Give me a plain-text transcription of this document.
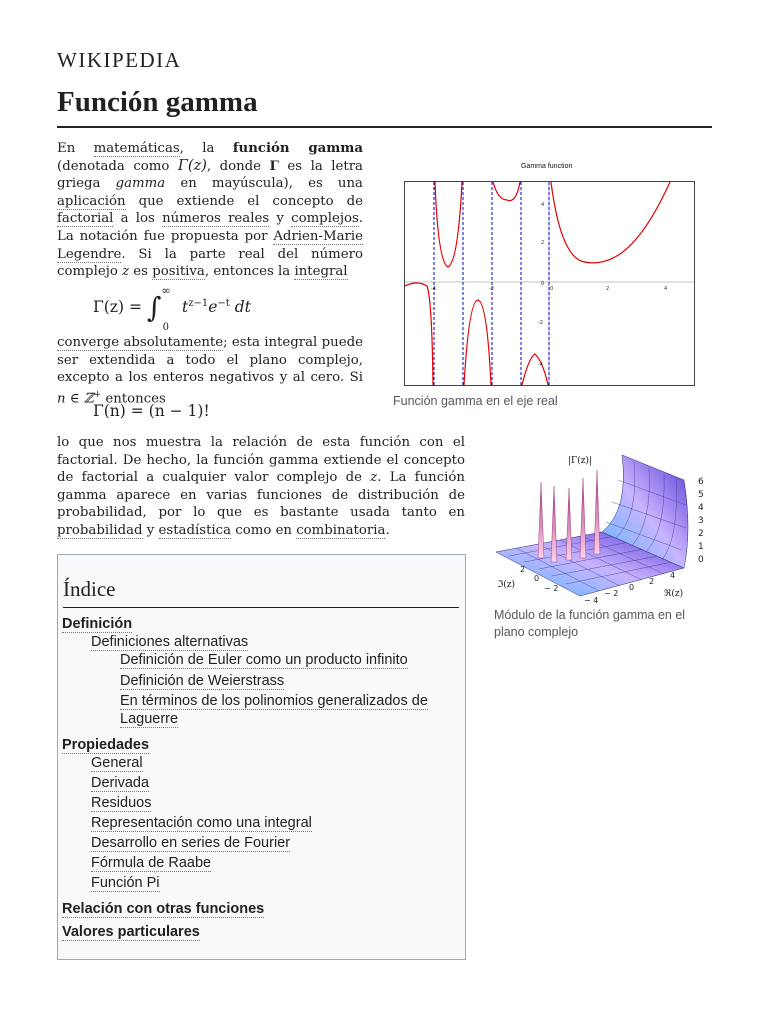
WIKIPEDIA
Función gamma

En matemáticas, la función gamma (denotada como Γ(z), donde Γ es la letra griega gamma en mayúscula), es una aplicación que extiende el concepto de factorial a los números reales y complejos. La notación fue propuesta por Adrien-Marie Legendre. Si la parte real del número complejo z es positiva, entonces la integral

$\Gamma(z) = \int^\infty_0$ $t^{z-1}e^{-t}$ dt

converge absolutamente; esta integral puede ser extendida a todo el plano complejo, excepto a los enteros negativos y al cero. Si n ∈ ℤ+ entonces

Γ(n) = (n − 1)!

lo que nos muestra la relación de esta función con el factorial. De hecho, la función gamma extiende el concepto de factorial a cualquier valor complejo de z. La función gamma aparece en varias funciones de distribución de probabilidad, por lo que es bastante usada tanto en probabilidad y estadística como en combinatoria.

4
2
0
-2
-4
-4	-2	0	2	4
Gamma function

Función gamma en el eje real

|Γ(z)|
6
5
4
3
2
1
0
ℑ(z)
2
0
− 2
− 4
− 2
0
2
4
ℜ(z)

Módulo de la función gamma en el plano complejo

Índice
Definición
Definiciones alternativas
Definición de Euler como un producto infinito
Definición de Weierstrass
En términos de los polinomios generalizados de Laguerre
Propiedades
General
Derivada
Residuos
Representación como una integral
Desarrollo en series de Fourier
Fórmula de Raabe
Función Pi
Relación con otras funciones
Valores particulares
